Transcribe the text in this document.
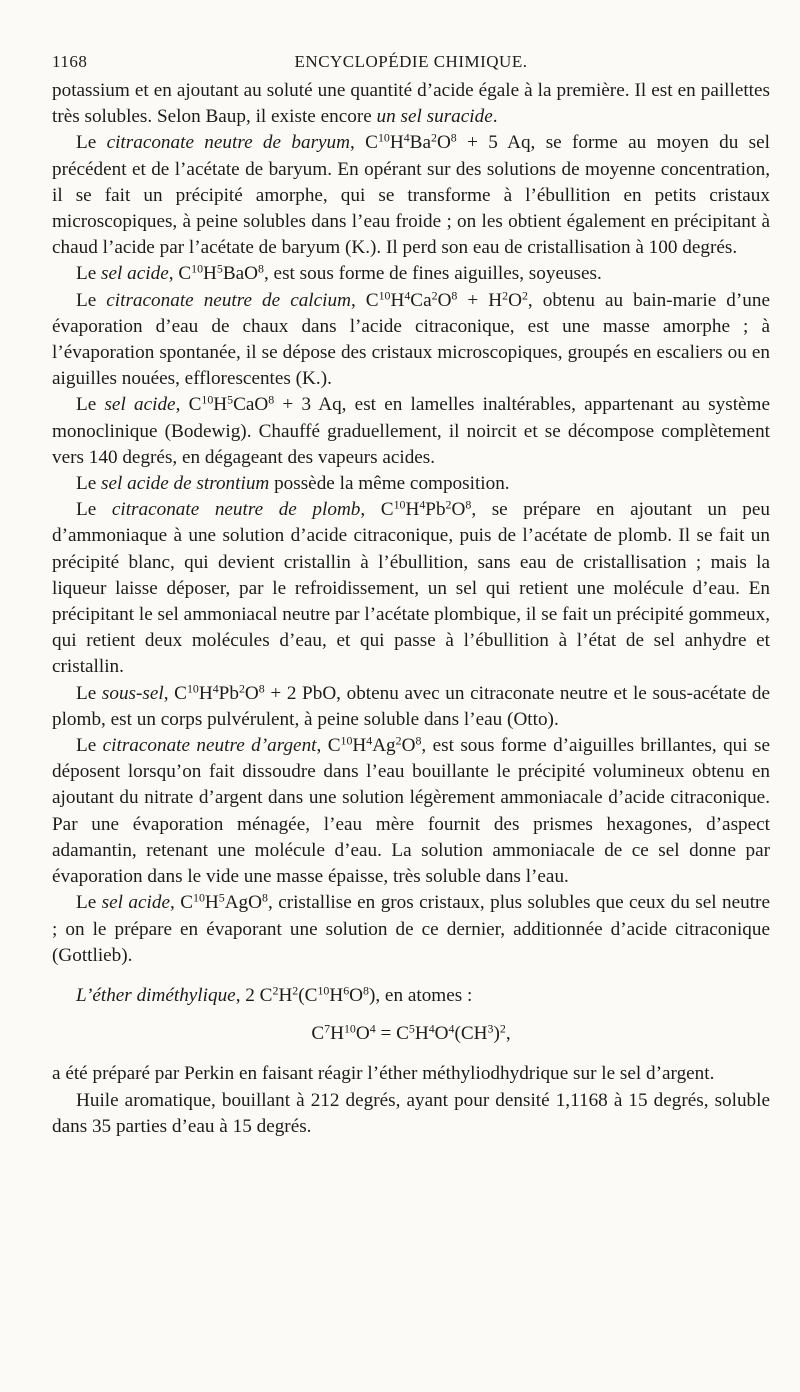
1168	ENCYCLOPÉDIE CHIMIQUE.

potassium et en ajoutant au soluté une quantité d’acide égale à la première. Il est en paillettes très solubles. Selon Baup, il existe encore un sel suracide.

Le citraconate neutre de baryum, $C^{10}H^4Ba^2O^8 + 5$ Aq, se forme au moyen du sel précédent et de l’acétate de baryum. En opérant sur des solutions de moyenne concentration, il se fait un précipité amorphe, qui se transforme à l’ébullition en petits cristaux microscopiques, à peine solubles dans l’eau froide ; on les obtient également en précipitant à chaud l’acide par l’acétate de baryum (K.). Il perd son eau de cristallisation à 100 degrés.

Le sel acide, $C^{10}H^5BaO^8$, est sous forme de fines aiguilles, soyeuses.

Le citraconate neutre de calcium, $C^{10}H^4Ca^2O^8 + H^2O^2$, obtenu au bain-marie d’une évaporation d’eau de chaux dans l’acide citraconique, est une masse amorphe ; à l’évaporation spontanée, il se dépose des cristaux microscopiques, groupés en escaliers ou en aiguilles nouées, efflorescentes (K.).

Le sel acide, $C^{10}H^5CaO^8 + 3$ Aq, est en lamelles inaltérables, appartenant au système monoclinique (Bodewig). Chauffé graduellement, il noircit et se décompose complètement vers 140 degrés, en dégageant des vapeurs acides.

Le sel acide de strontium possède la même composition.

Le citraconate neutre de plomb, $C^{10}H^4Pb^2O^8$, se prépare en ajoutant un peu d’ammoniaque à une solution d’acide citraconique, puis de l’acétate de plomb. Il se fait un précipité blanc, qui devient cristallin à l’ébullition, sans eau de cristallisation ; mais la liqueur laisse déposer, par le refroidissement, un sel qui retient une molécule d’eau. En précipitant le sel ammoniacal neutre par l’acétate plombique, il se fait un précipité gommeux, qui retient deux molécules d’eau, et qui passe à l’ébullition à l’état de sel anhydre et cristallin.

Le sous-sel, $C^{10}H^4Pb^2O^8 + 2$ PbO, obtenu avec un citraconate neutre et le sous-acétate de plomb, est un corps pulvérulent, à peine soluble dans l’eau (Otto).

Le citraconate neutre d’argent, $C^{10}H^4Ag^2O^8$, est sous forme d’aiguilles brillantes, qui se déposent lorsqu’on fait dissoudre dans l’eau bouillante le précipité volumineux obtenu en ajoutant du nitrate d’argent dans une solution légèrement ammoniacale d’acide citraconique. Par une évaporation ménagée, l’eau mère fournit des prismes hexagones, d’aspect adamantin, retenant une molécule d’eau. La solution ammoniacale de ce sel donne par évaporation dans le vide une masse épaisse, très soluble dans l’eau.

Le sel acide, $C^{10}H^5AgO^8$, cristallise en gros cristaux, plus solubles que ceux du sel neutre ; on le prépare en évaporant une solution de ce dernier, additionnée d’acide citraconique (Gottlieb).

L’éther diméthylique, 2 $C^2H^2(C^{10}H^6O^8)$, en atomes :

$C^7H^{10}O^4 = C^5H^4O^4(CH^3)^2$,

a été préparé par Perkin en faisant réagir l’éther méthyliodhydrique sur le sel d’argent.

Huile aromatique, bouillant à 212 degrés, ayant pour densité 1,1168 à 15 degrés, soluble dans 35 parties d’eau à 15 degrés.
